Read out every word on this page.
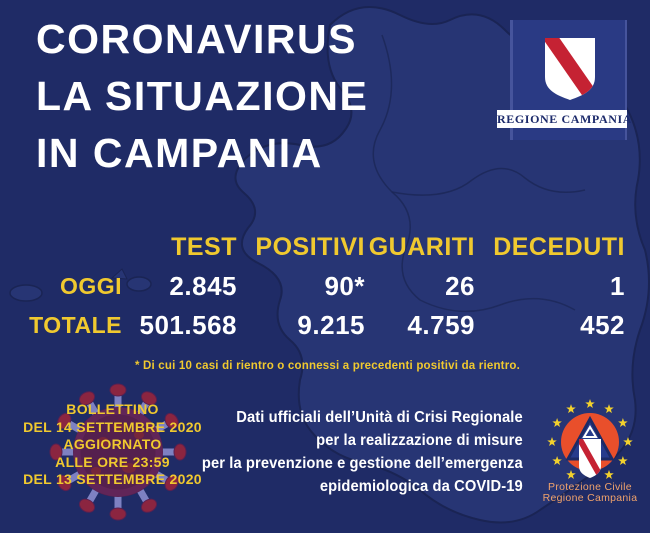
CORONAVIRUS
LA SITUAZIONE
IN CAMPANIA
REGIONE CAMPANIA
TEST POSITIVI GUARITI DECEDUTI
OGGI	2.845	90*	26	1
TOTALE 501.568	9.215	4.759	452
* Di cui 10 casi di rientro o connessi a precedenti positivi da rientro.
BOLLETTINO
DEL 14 SETTEMBRE 2020
AGGIORNATO
ALLE ORE 23:59
DEL 13 SETTEMBRE 2020
Dati ufficiali dell’Unità di Crisi Regionale
per la realizzazione di misure
per la prevenzione e gestione dell’emergenza
epidemiologica da COVID-19 Protezione Civile
Regione Campania
